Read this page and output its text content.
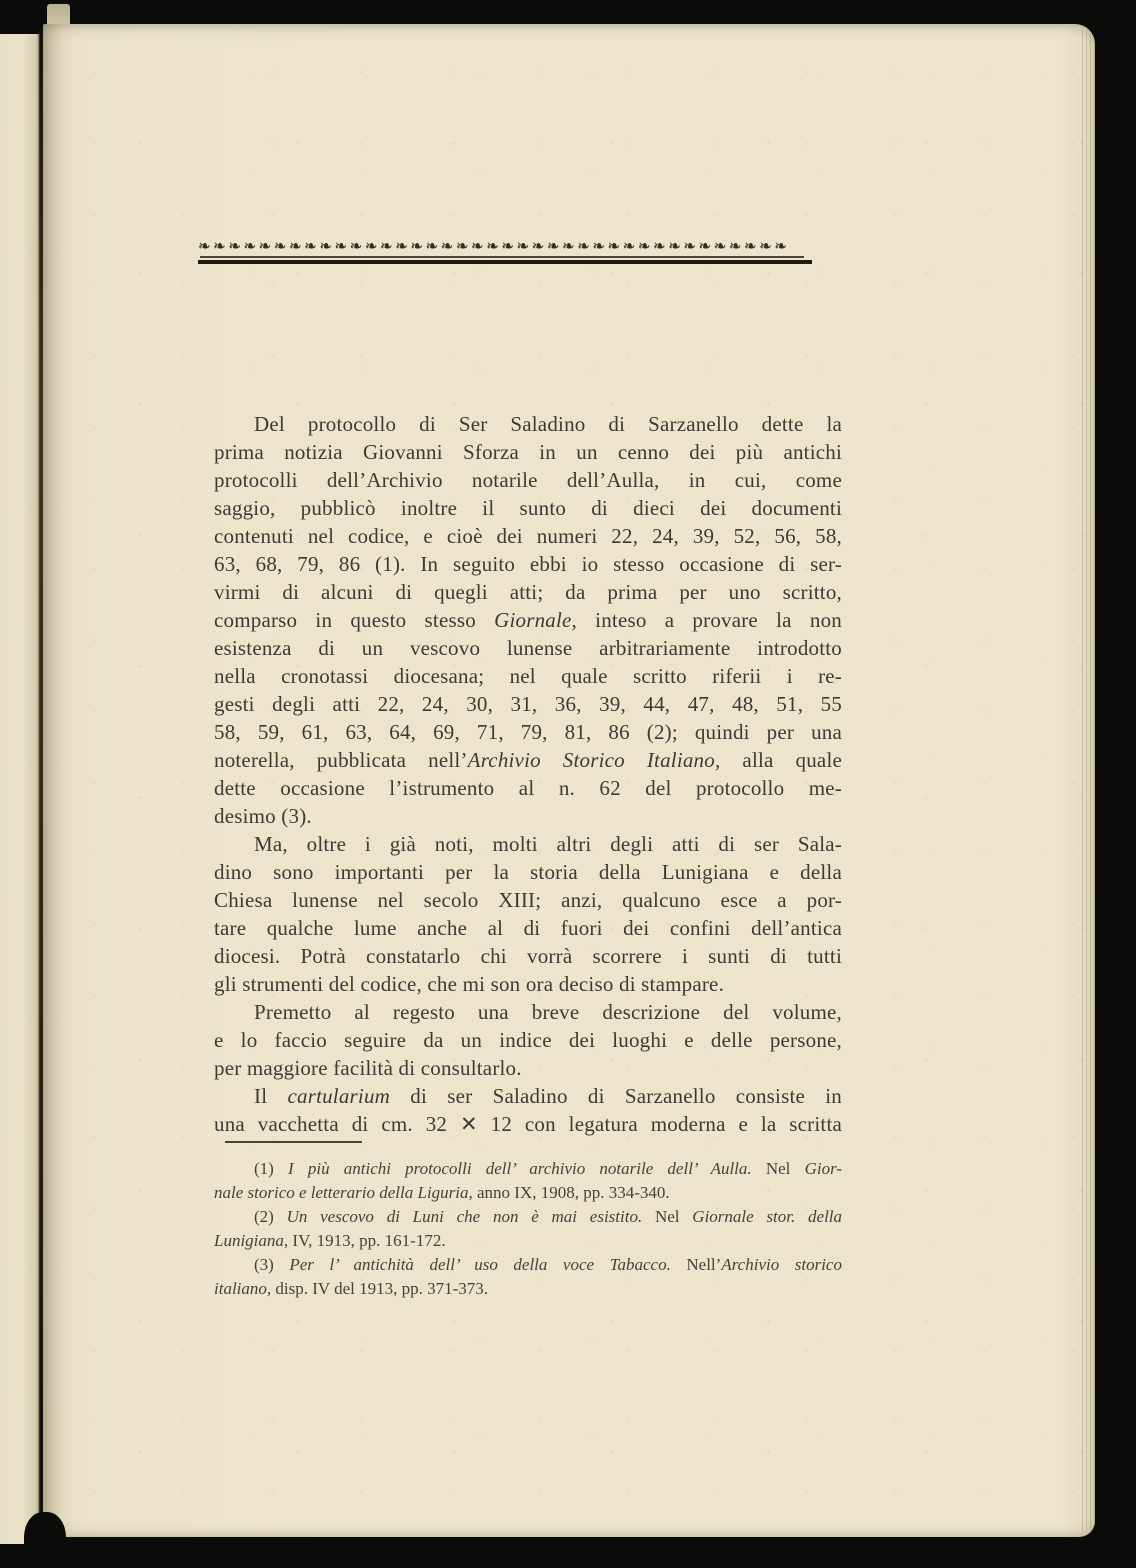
❧❧❧❧❧❧❧❧❧❧❧❧❧❧❧❧❧❧❧❧❧❧❧❧❧❧❧❧❧❧❧❧❧❧❧❧❧❧❧
Del protocollo di Ser Saladino di Sarzanello dette la
prima notizia Giovanni Sforza in un cenno dei più antichi
protocolli dell’Archivio notarile dell’Aulla, in cui, come
saggio, pubblicò inoltre il sunto di dieci dei documenti
contenuti nel codice, e cioè dei numeri 22, 24, 39, 52, 56, 58,
63, 68, 79, 86 (1). In seguito ebbi io stesso occasione di ser-
virmi di alcuni di quegli atti; da prima per uno scritto,
comparso in questo stesso Giornale, inteso a provare la non
esistenza di un vescovo lunense arbitrariamente introdotto
nella cronotassi diocesana; nel quale scritto riferii i re-
gesti degli atti 22, 24, 30, 31, 36, 39, 44, 47, 48, 51, 55
58, 59, 61, 63, 64, 69, 71, 79, 81, 86 (2); quindi per una
noterella, pubblicata nell’Archivio Storico Italiano, alla quale
dette occasione l’istrumento al n. 62 del protocollo me-
desimo (3).
Ma, oltre i già noti, molti altri degli atti di ser Sala-
dino sono importanti per la storia della Lunigiana e della
Chiesa lunense nel secolo XIII; anzi, qualcuno esce a por-
tare qualche lume anche al di fuori dei confini dell’antica
diocesi. Potrà constatarlo chi vorrà scorrere i sunti di tutti
gli strumenti del codice, che mi son ora deciso di stampare.
Premetto al regesto una breve descrizione del volume,
e lo faccio seguire da un indice dei luoghi e delle persone,
per maggiore facilità di consultarlo.
Il cartularium di ser Saladino di Sarzanello consiste in
una vacchetta di cm. 32 ✕ 12 con legatura moderna e la scritta
(1) I più antichi protocolli dell’ archivio notarile dell’ Aulla. Nel Gior-
nale storico e letterario della Liguria, anno IX, 1908, pp. 334-340.
(2) Un vescovo di Luni che non è mai esistito. Nel Giornale stor. della
Lunigiana, IV, 1913, pp. 161-172.
(3) Per l’ antichità dell’ uso della voce Tabacco. Nell’Archivio storico
italiano, disp. IV del 1913, pp. 371-373.
